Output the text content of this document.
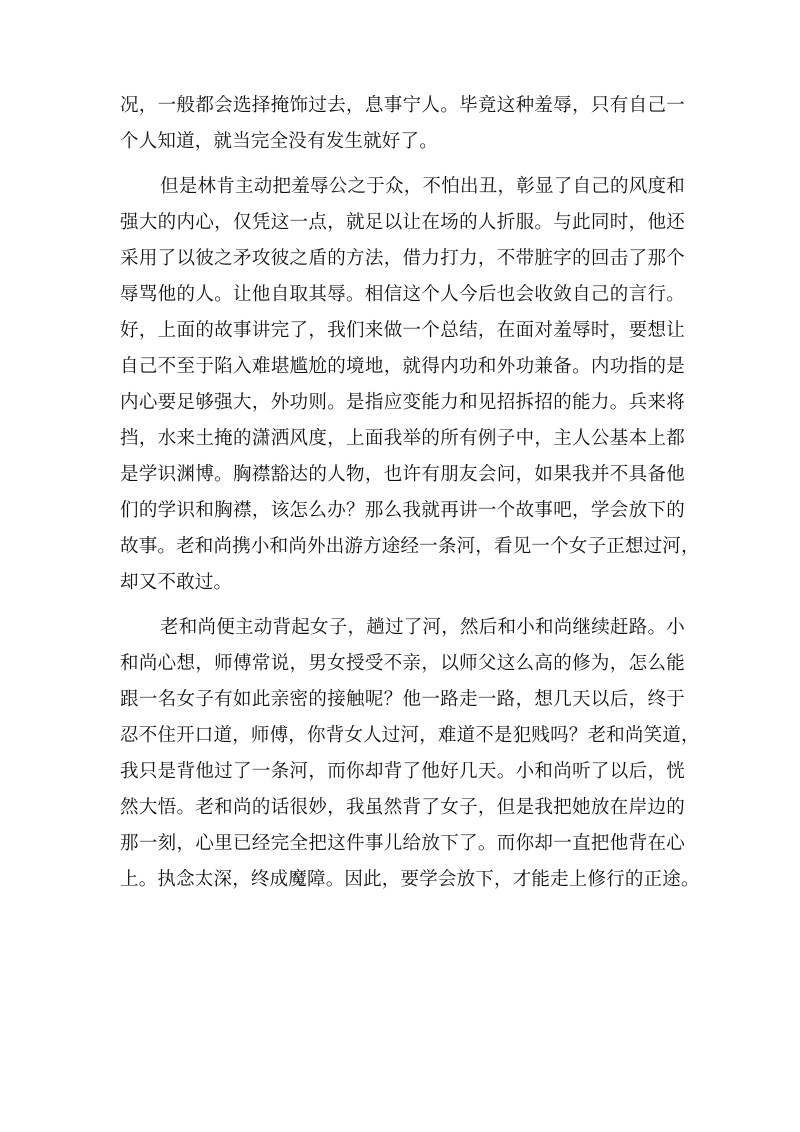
况，一般都会选择掩饰过去，息事宁人。毕竟这种羞辱，只有自己一
个人知道，就当完全没有发生就好了。
但是林肯主动把羞辱公之于众，不怕出丑，彰显了自己的风度和
强大的内心，仅凭这一点，就足以让在场的人折服。与此同时，他还
采用了以彼之矛攻彼之盾的方法，借力打力，不带脏字的回击了那个
辱骂他的人。让他自取其辱。相信这个人今后也会收敛自己的言行。
好，上面的故事讲完了，我们来做一个总结，在面对羞辱时，要想让
自己不至于陷入难堪尴尬的境地，就得内功和外功兼备。内功指的是
内心要足够强大，外功则。是指应变能力和见招拆招的能力。兵来将
挡，水来土掩的潇洒风度，上面我举的所有例子中，主人公基本上都
是学识渊博。胸襟豁达的人物，也许有朋友会问，如果我并不具备他
们的学识和胸襟，该怎么办？那么我就再讲一个故事吧，学会放下的
故事。老和尚携小和尚外出游方途经一条河，看见一个女子正想过河，
却又不敢过。
老和尚便主动背起女子，趟过了河，然后和小和尚继续赶路。小
和尚心想，师傅常说，男女授受不亲，以师父这么高的修为，怎么能
跟一名女子有如此亲密的接触呢？他一路走一路，想几天以后，终于
忍不住开口道，师傅，你背女人过河，难道不是犯贱吗？老和尚笑道，
我只是背他过了一条河，而你却背了他好几天。小和尚听了以后，恍
然大悟。老和尚的话很妙，我虽然背了女子，但是我把她放在岸边的
那一刻，心里已经完全把这件事儿给放下了。而你却一直把他背在心
上。执念太深，终成魔障。因此，要学会放下，才能走上修行的正途。
